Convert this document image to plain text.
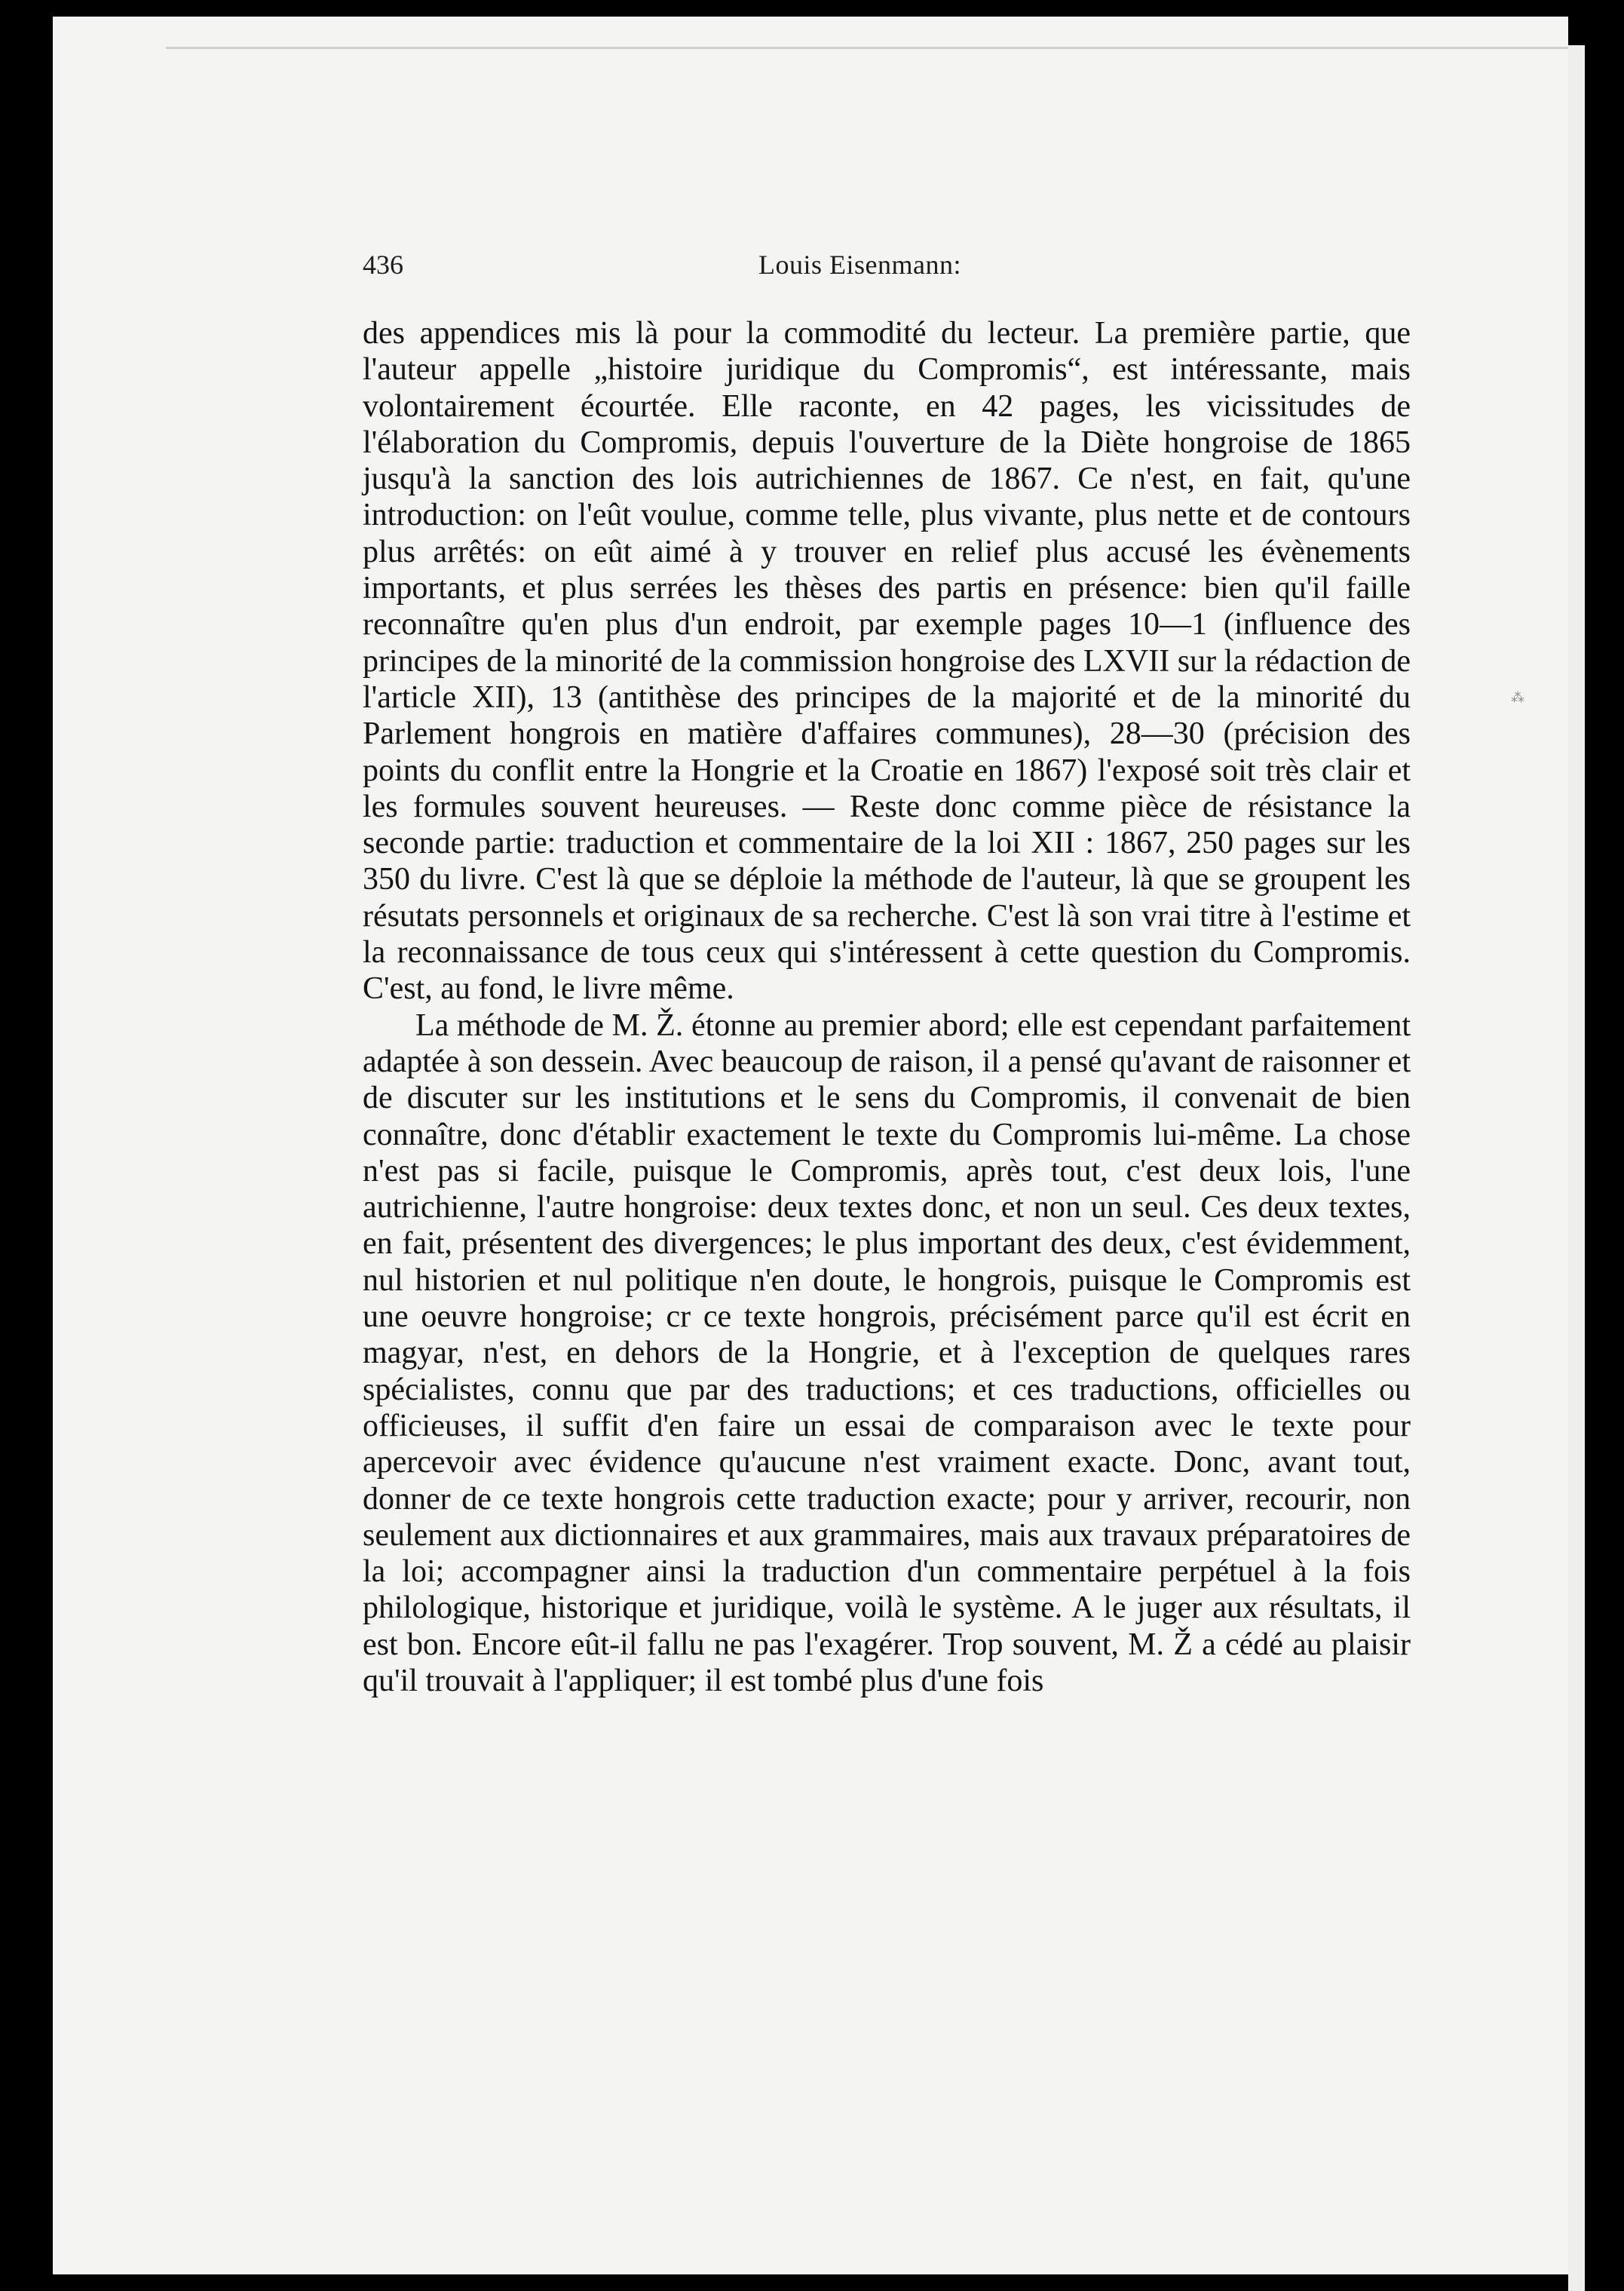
436	Louis Eisenmann:

des appendices mis là pour la commodité du lecteur. La première partie, que l'auteur appelle „histoire juridique du Compromis“, est intéressante, mais volontairement écourtée. Elle raconte, en 42 pages, les vicissitudes de l'élaboration du Compromis, depuis l'ouverture de la Diète hongroise de 1865 jusqu'à la sanction des lois autrichiennes de 1867. Ce n'est, en fait, qu'une introduction: on l'eût voulue, comme telle, plus vivante, plus nette et de contours plus arrêtés: on eût aimé à y trouver en relief plus accusé les évènements importants, et plus serrées les thèses des partis en présence: bien qu'il faille reconnaître qu'en plus d'un endroit, par exemple pages 10—1 (influence des principes de la minorité de la commission hongroise des LXVII sur la rédaction de l'article XII), 13 (antithèse des principes de la majorité et de la minorité du Parlement hongrois en matière d'affaires communes), 28—30 (précision des points du conflit entre la Hongrie et la Croatie en 1867) l'exposé soit très clair et les formules souvent heureuses. — Reste donc comme pièce de résistance la seconde partie: traduction et commentaire de la loi XII : 1867, 250 pages sur les 350 du livre. C'est là que se déploie la méthode de l'auteur, là que se groupent les résutats personnels et originaux de sa recherche. C'est là son vrai titre à l'estime et la reconnaissance de tous ceux qui s'intéressent à cette question du Compromis. C'est, au fond, le livre même.

La méthode de M. Ž. étonne au premier abord; elle est cependant parfaitement adaptée à son dessein. Avec beaucoup de raison, il a pensé qu'avant de raisonner et de discuter sur les institutions et le sens du Compromis, il convenait de bien connaître, donc d'établir exactement le texte du Compromis lui-même. La chose n'est pas si facile, puisque le Compromis, après tout, c'est deux lois, l'une autrichienne, l'autre hongroise: deux textes donc, et non un seul. Ces deux textes, en fait, présentent des divergences; le plus important des deux, c'est évidemment, nul historien et nul politique n'en doute, le hongrois, puisque le Compromis est une oeuvre hongroise; cr ce texte hongrois, précisément parce qu'il est écrit en magyar, n'est, en dehors de la Hongrie, et à l'exception de quelques rares spécialistes, connu que par des traductions; et ces traductions, officielles ou officieuses, il suffit d'en faire un essai de comparaison avec le texte pour apercevoir avec évidence qu'aucune n'est vraiment exacte. Donc, avant tout, donner de ce texte hongrois cette traduction exacte; pour y arriver, recourir, non seulement aux dictionnaires et aux grammaires, mais aux travaux préparatoires de la loi; accompagner ainsi la traduction d'un commentaire perpétuel à la fois philologique, historique et juridique, voilà le système. A le juger aux résultats, il est bon. Encore eût-il fallu ne pas l'exagérer. Trop souvent, M. Ž a cédé au plaisir qu'il trouvait à l'appliquer; il est tombé plus d'une fois

⁂
